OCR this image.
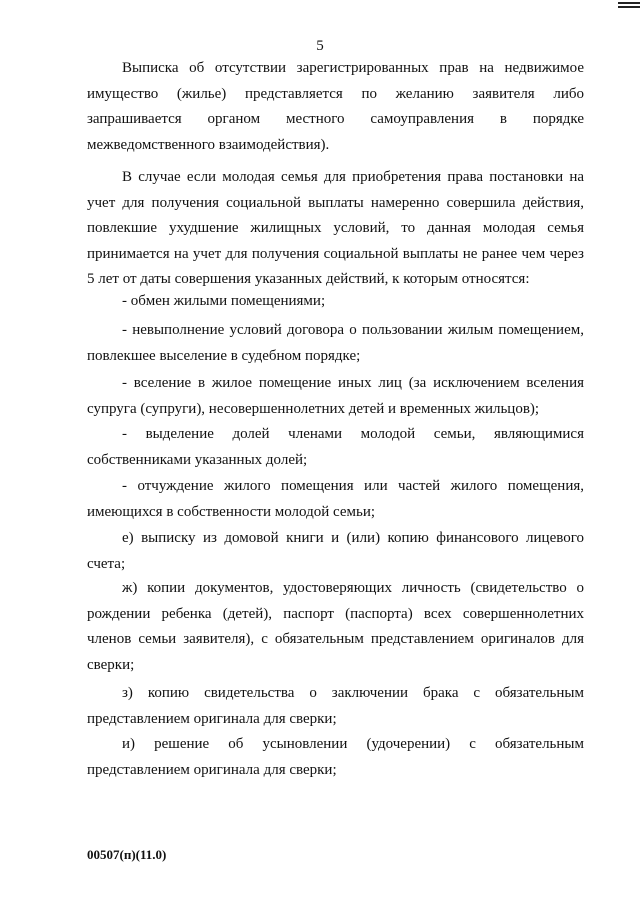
5

Выписка об отсутствии зарегистрированных прав на недвижимое имущество (жилье) представляется по желанию заявителя либо запрашивается органом местного самоуправления в порядке межведомственного взаимодействия).

В случае если молодая семья для приобретения права постановки на учет для получения социальной выплаты намеренно совершила действия, повлекшие ухудшение жилищных условий, то данная молодая семья принимается на учет для получения социальной выплаты не ранее чем через 5 лет от даты совершения указанных действий, к которым относятся:

- обмен жилыми помещениями;

- невыполнение условий договора о пользовании жилым помещением, повлекшее выселение в судебном порядке;

- вселение в жилое помещение иных лиц (за исключением вселения супруга (супруги), несовершеннолетних детей и временных жильцов);

- выделение долей членами молодой семьи, являющимися собственниками указанных долей;

- отчуждение жилого помещения или частей жилого помещения, имеющихся в собственности молодой семьи;

е) выписку из домовой книги и (или) копию финансового лицевого счета;

ж) копии документов, удостоверяющих личность (свидетельство о рождении ребенка (детей), паспорт (паспорта) всех совершеннолетних членов семьи заявителя), с обязательным представлением оригиналов для сверки;

з) копию свидетельства о заключении брака с обязательным представлением оригинала для сверки;

и) решение об усыновлении (удочерении) с обязательным представлением оригинала для сверки;

00507(п)(11.0)
